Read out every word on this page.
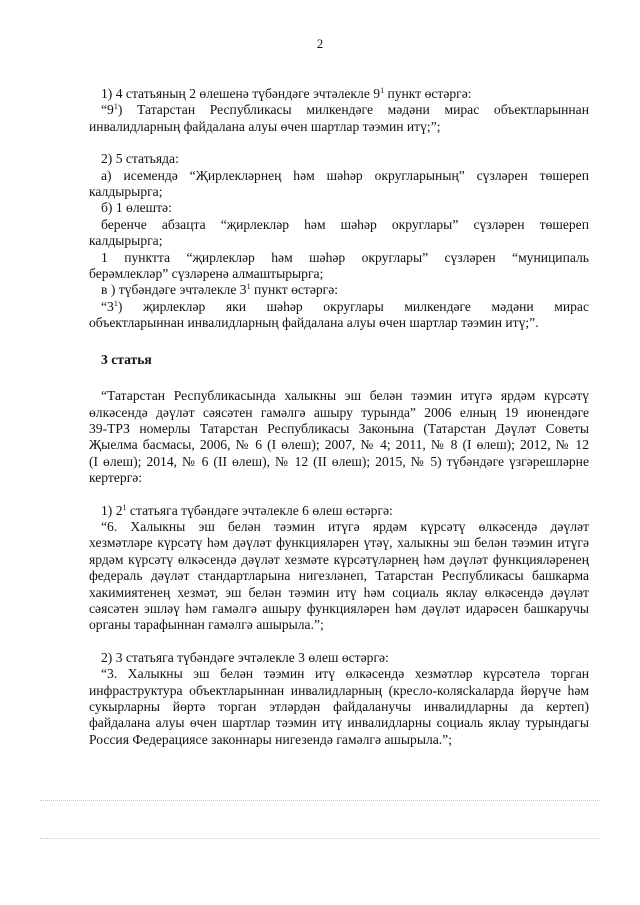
2

1) 4 статьяның 2 өлешенә түбәндәге эчтәлекле $9^1$ пункт өстәргә:

“$9^1$) Татарстан Республикасы милкендәге мәдәни мирас объектларыннан

инвалидларның файдалана алуы өчен шартлар тәэмин итү;”;

2) 5 статьяда:

а) исемендә “Җирлекләрнең һәм шәһәр округларының” сүзләрен төшереп

калдырырга;

б) 1 өлештә:

беренче абзацта “җирлекләр һәм шәһәр округлары” сүзләрен төшереп

калдырырга;

1 пунктта “җирлекләр һәм шәһәр округлары” сүзләрен “муниципаль

берәмлекләр” сүзләренә алмаштырырга;

в ) түбәндәге эчтәлекле $3^1$ пункт өстәргә:

“$3^1$) җирлекләр яки шәһәр округлары милкендәге мәдәни мирас

объектларыннан инвалидларның файдалана алуы өчен шартлар тәэмин итү;”.

3 статья

“Татарстан Республикасында халыкны эш белән тәэмин итүгә ярдәм күрсәтү

өлкәсендә дәүләт сәясәтен гамәлгә ашыру турында” 2006 елның 19 июнендәге

39-ТРЗ номерлы Татарстан Республикасы Законына (Татарстан Дәүләт Советы

Җыелма басмасы, 2006, № 6 (I өлеш); 2007, № 4; 2011, № 8 (I өлеш); 2012, № 12

(I өлеш); 2014, № 6 (II өлеш), № 12 (II өлеш); 2015, № 5) түбәндәге үзгәрешләрне

кертергә:

1) $2^1$ статьяга түбәндәге эчтәлекле 6 өлеш өстәргә:

“6. Халыкны эш белән тәэмин итүгә ярдәм күрсәтү өлкәсендә дәүләт

хезмәтләре күрсәтү һәм дәүләт функцияләрен үтәү, халыкны эш белән тәэмин итүгә

ярдәм күрсәтү өлкәсендә дәүләт хезмәте күрсәтүләрнең һәм дәүләт функцияләренең

федераль дәүләт стандартларына нигезләнеп, Татарстан Республикасы башкарма

хакимиятенең хезмәт, эш белән тәэмин итү һәм социаль яклау өлкәсендә дәүләт

сәясәтен эшләү һәм гамәлгә ашыру функцияләрен һәм дәүләт идарәсен башкаручы

органы тарафыннан гамәлгә ашырыла.”;

2) 3 статьяга түбәндәге эчтәлекле 3 өлеш өстәргә:

“3. Халыкны эш белән тәэмин итү өлкәсендә хезмәтләр күрсәтелә торган

инфраструктура объектларыннан инвалидларның (кресло-колясkaларда йөрүче һәм

сукырларны йөртә торган этләрдән файдаланучы инвалидларны да кертеп)

файдалана алуы өчен шартлар тәэмин итү инвалидларны социаль яклау турындагы

Россия Федерациясе законнары нигезендә гамәлгә ашырыла.”;
